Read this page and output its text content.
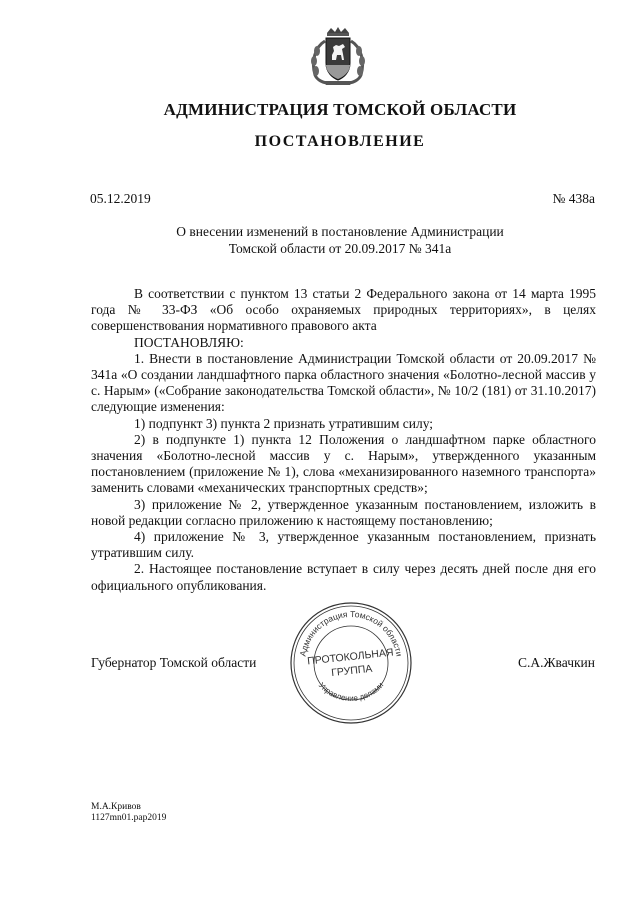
АДМИНИСТРАЦИЯ ТОМСКОЙ ОБЛАСТИ
ПОСТАНОВЛЕНИЕ
05.12.2019	№ 438а
О внесении изменений в постановление Администрации
Томской области от 20.09.2017 № 341а

В соответствии с пунктом 13 статьи 2 Федерального закона от 14 марта 1995 года № 33-ФЗ «Об особо охраняемых природных территориях», в целях совершенствования нормативного правового акта

ПОСТАНОВЛЯЮ:

1. Внести в постановление Администрации Томской области от 20.09.2017 № 341а «О создании ландшафтного парка областного значения «Болотно-лесной массив у с. Нарым» («Собрание законодательства Томской области», № 10/2 (181) от 31.10.2017) следующие изменения:

1) подпункт 3) пункта 2 признать утратившим силу;

2) в подпункте 1) пункта 12 Положения о ландшафтном парке областного значения «Болотно-лесной массив у с. Нарым», утвержденного указанным постановлением (приложение № 1), слова «механизированного наземного транспорта» заменить словами «механических транспортных средств»;

3) приложение № 2, утвержденное указанным постановлением, изложить в новой редакции согласно приложению к настоящему постановлению;

4) приложение № 3, утвержденное указанным постановлением, признать утратившим силу.

2. Настоящее постановление вступает в силу через десять дней после дня его официального опубликования.

Губернатор Томской области	С.А.Жвачкин
Администрация Томской области
Управление делами
ПРОТОКОЛЬНАЯ
ГРУППА
М.А.Кривов
1127mn01.pap2019
